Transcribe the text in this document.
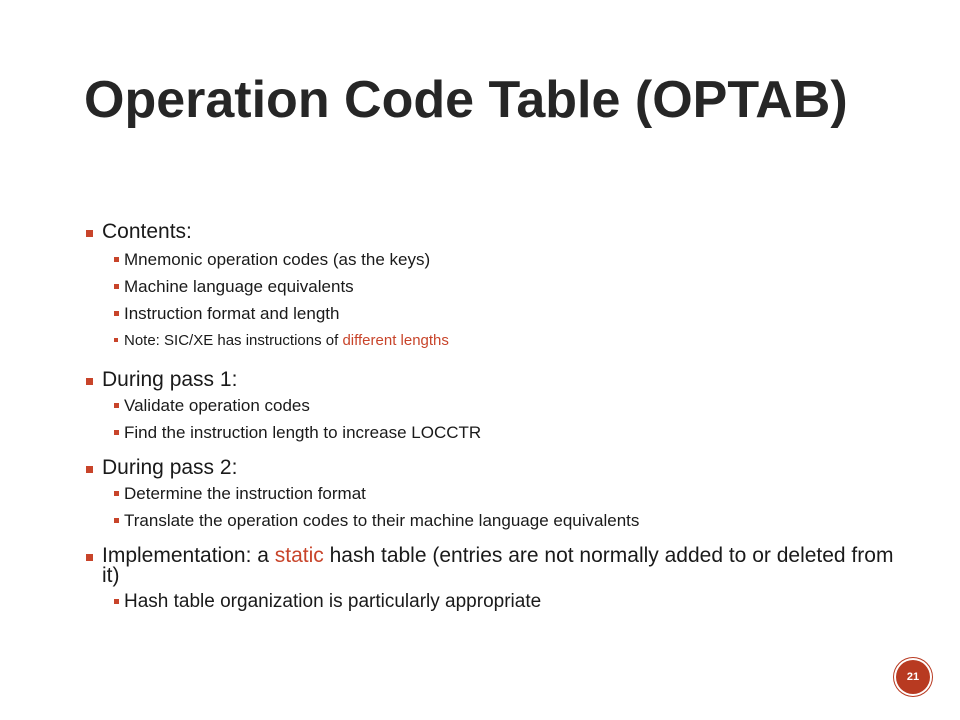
Operation Code Table (OPTAB)
Contents:
Mnemonic operation codes (as the keys)
Machine language equivalents
Instruction format and length
Note: SIC/XE has instructions of different lengths
During pass 1:
Validate operation codes
Find the instruction length to increase LOCCTR
During pass 2:
Determine the instruction format
Translate the operation codes to their machine language equivalents
Implementation: a static hash table (entries are not normally added to or deleted from it)
Hash table organization is particularly appropriate
21
